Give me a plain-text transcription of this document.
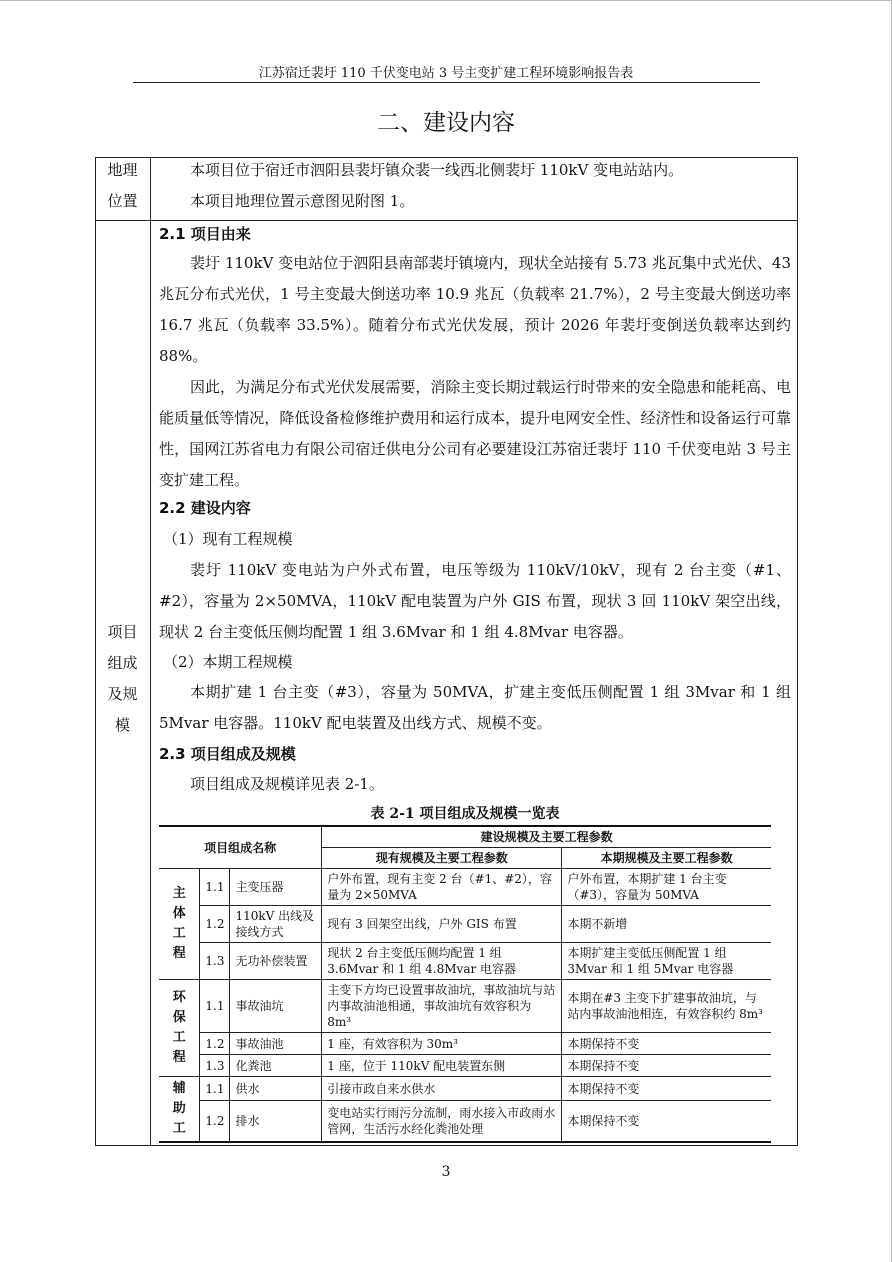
江苏宿迁裴圩 110 千伏变电站 3 号主变扩建工程环境影响报告表
二、建设内容
地理
位置
本项目位于宿迁市泗阳县裴圩镇众裴一线西北侧裴圩 110kV 变电站站内。
本项目地理位置示意图见附图 1。
项目
组成
及规
模
2.1 项目由来
裴圩 110kV 变电站位于泗阳县南部裴圩镇境内，现状全站接有 5.73 兆瓦集中式光伏、43 兆瓦分布式光伏，1 号主变最大倒送功率 10.9 兆瓦（负载率 21.7%），2 号主变最大倒送功率 16.7 兆瓦（负载率 33.5%）。随着分布式光伏发展，预计 2026 年裴圩变倒送负载率达到约 88%。
因此，为满足分布式光伏发展需要，消除主变长期过载运行时带来的安全隐患和能耗高、电能质量低等情况，降低设备检修维护费用和运行成本，提升电网安全性、经济性和设备运行可靠性，国网江苏省电力有限公司宿迁供电分公司有必要建设江苏宿迁裴圩 110 千伏变电站 3 号主变扩建工程。
2.2 建设内容
（1）现有工程规模
裴圩 110kV 变电站为户外式布置，电压等级为 110kV/10kV，现有 2 台主变（#1、#2），容量为 2×50MVA，110kV 配电装置为户外 GIS 布置，现状 3 回 110kV 架空出线，现状 2 台主变低压侧均配置 1 组 3.6Mvar 和 1 组 4.8Mvar 电容器。
（2）本期工程规模
本期扩建 1 台主变（#3），容量为 50MVA，扩建主变低压侧配置 1 组 3Mvar 和 1 组 5Mvar 电容器。110kV 配电装置及出线方式、规模不变。
2.3 项目组成及规模
项目组成及规模详见表 2-1。
表 2-1 项目组成及规模一览表
项目组成名称			建设规模及主要工程参数	
			现有规模及主要工程参数	本期规模及主要工程参数
主
体
工
程	1.1	主变压器	户外布置，现有主变 2 台（#1、#2），容量为 2×50MVA	户外布置，本期扩建 1 台主变（#3），容量为 50MVA
	1.2	110kV 出线及接线方式	现有 3 回架空出线，户外 GIS 布置	本期不新增
	1.3	无功补偿装置	现状 2 台主变低压侧均配置 1 组 3.6Mvar 和 1 组 4.8Mvar 电容器	本期扩建主变低压侧配置 1 组 3Mvar 和 1 组 5Mvar 电容器
环
保
工
程	1.1	事故油坑	主变下方均已设置事故油坑，事故油坑与站内事故油池相通，事故油坑有效容积为 8m³	本期在#3 主变下扩建事故油坑，与站内事故油池相连，有效容积约 8m³
	1.2	事故油池	1 座，有效容积为 30m³	本期保持不变
	1.3	化粪池	1 座，位于 110kV 配电装置东侧	本期保持不变
辅
助
工	1.1	供水	引接市政自来水供水	本期保持不变
	1.2	排水	变电站实行雨污分流制，雨水接入市政雨水管网，生活污水经化粪池处理	本期保持不变
3
